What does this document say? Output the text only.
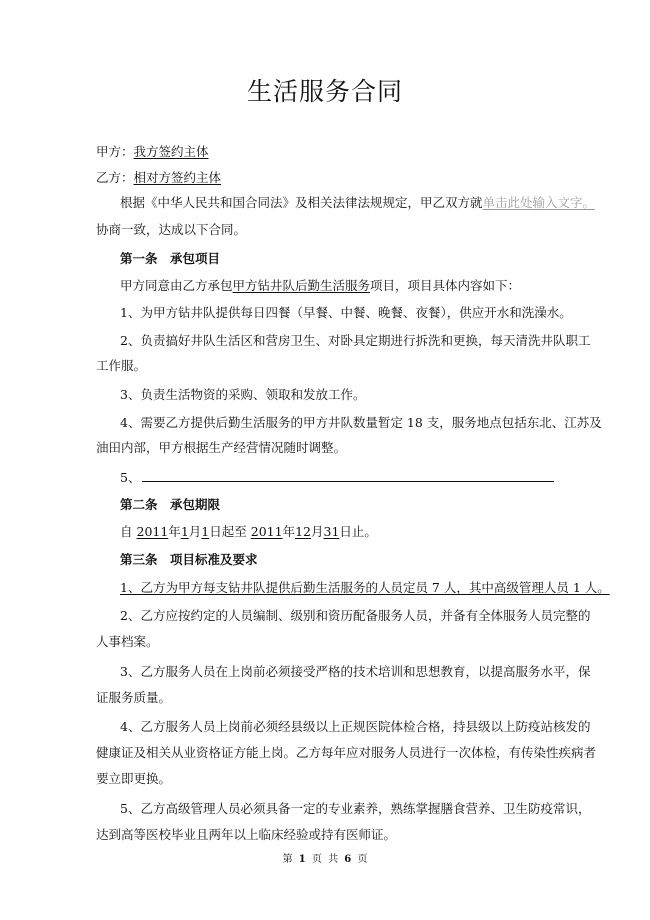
生活服务合同
甲方：我方签约主体
乙方：相对方签约主体
根据《中华人民共和国合同法》及相关法律法规规定，甲乙双方就单击此处输入文字。
协商一致，达成以下合同。
第一条　承包项目
甲方同意由乙方承包甲方钻井队后勤生活服务项目，项目具体内容如下：
1、为甲方钻井队提供每日四餐（早餐、中餐、晚餐、夜餐），供应开水和洗澡水。
2、负责搞好井队生活区和营房卫生、对卧具定期进行拆洗和更换，每天清洗井队职工
工作服。
3、负责生活物资的采购、领取和发放工作。
4、需要乙方提供后勤生活服务的甲方井队数量暂定 18 支，服务地点包括东北、江苏及
油田内部，甲方根据生产经营情况随时调整。
5、
第二条　承包期限
自 2011年1月1日起至 2011年12月31日止。
第三条　项目标准及要求
1、乙方为甲方每支钻井队提供后勤生活服务的人员定员 7 人，其中高级管理人员 1 人。
2、乙方应按约定的人员编制、级别和资历配备服务人员，并备有全体服务人员完整的
人事档案。
3、乙方服务人员在上岗前必须接受严格的技术培训和思想教育，以提高服务水平，保
证服务质量。
4、乙方服务人员上岗前必须经县级以上正规医院体检合格，持县级以上防疫站核发的
健康证及相关从业资格证方能上岗。乙方每年应对服务人员进行一次体检，有传染性疾病者
要立即更换。
5、乙方高级管理人员必须具备一定的专业素养，熟练掌握膳食营养、卫生防疫常识，
达到高等医校毕业且两年以上临床经验或持有医师证。
第 1 页 共 6 页
